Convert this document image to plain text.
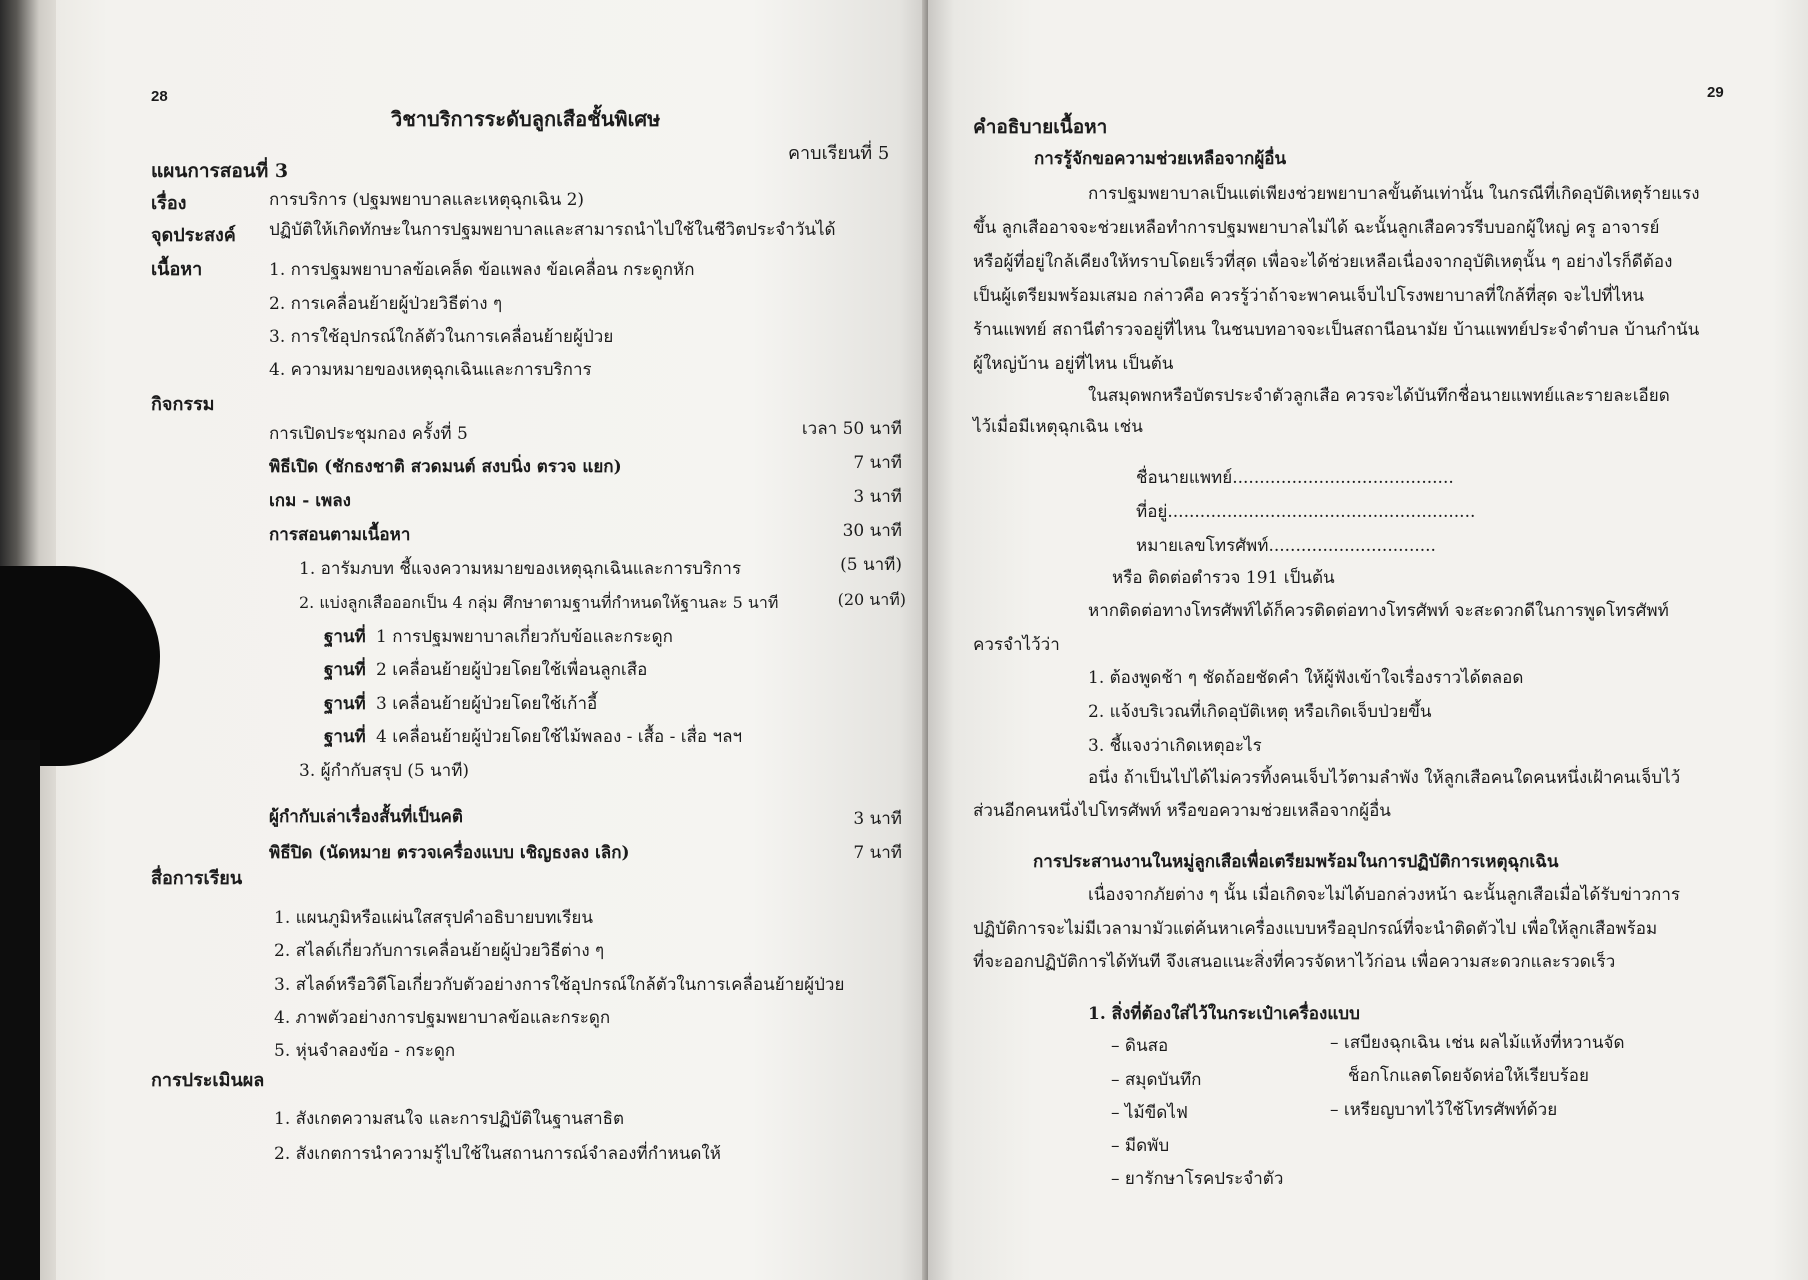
28
วิชาบริการระดับลูกเสือชั้นพิเศษ
แผนการสอนที่ 3
คาบเรียนที่ 5
เรื่อง	การบริการ (ปฐมพยาบาลและเหตุฉุกเฉิน 2)
จุดประสงค์ ปฏิบัติให้เกิดทักษะในการปฐมพยาบาลและสามารถนำไปใช้ในชีวิตประจำวันได้
เนื้อหา	1. การปฐมพยาบาลข้อเคล็ด ข้อแพลง ข้อเคลื่อน กระดูกหัก
2. การเคลื่อนย้ายผู้ป่วยวิธีต่าง ๆ
3. การใช้อุปกรณ์ใกล้ตัวในการเคลื่อนย้ายผู้ป่วย
4. ความหมายของเหตุฉุกเฉินและการบริการ
กิจกรรม
การเปิดประชุมกอง ครั้งที่ 5	เวลา 50 นาที
พิธีเปิด (ชักธงชาติ สวดมนต์ สงบนิ่ง ตรวจ แยก)	7 นาที
เกม - เพลง	3 นาที
การสอนตามเนื้อหา	30 นาที
1. อารัมภบท ชี้แจงความหมายของเหตุฉุกเฉินและการบริการ	(5 นาที)
2. แบ่งลูกเสือออกเป็น 4 กลุ่ม ศึกษาตามฐานที่กำหนดให้ฐานละ 5 นาที	(20 นาที)
ฐานที่ 1 การปฐมพยาบาลเกี่ยวกับข้อและกระดูก
ฐานที่ 2 เคลื่อนย้ายผู้ป่วยโดยใช้เพื่อนลูกเสือ
ฐานที่ 3 เคลื่อนย้ายผู้ป่วยโดยใช้เก้าอี้
ฐานที่ 4 เคลื่อนย้ายผู้ป่วยโดยใช้ไม้พลอง - เสื้อ - เสื่อ ฯลฯ
3. ผู้กำกับสรุป (5 นาที)
ผู้กำกับเล่าเรื่องสั้นที่เป็นคติ	3 นาที
พิธีปิด (นัดหมาย ตรวจเครื่องแบบ เชิญธงลง เลิก)	7 นาที
สื่อการเรียน
1. แผนภูมิหรือแผ่นใสสรุปคำอธิบายบทเรียน
2. สไลด์เกี่ยวกับการเคลื่อนย้ายผู้ป่วยวิธีต่าง ๆ
3. สไลด์หรือวิดีโอเกี่ยวกับตัวอย่างการใช้อุปกรณ์ใกล้ตัวในการเคลื่อนย้ายผู้ป่วย
4. ภาพตัวอย่างการปฐมพยาบาลข้อและกระดูก
5. หุ่นจำลองข้อ - กระดูก
การประเมินผล
1. สังเกตความสนใจ และการปฏิบัติในฐานสาธิต
2. สังเกตการนำความรู้ไปใช้ในสถานการณ์จำลองที่กำหนดให้
29
คำอธิบายเนื้อหา
การรู้จักขอความช่วยเหลือจากผู้อื่น
การปฐมพยาบาลเป็นแต่เพียงช่วยพยาบาลขั้นต้นเท่านั้น ในกรณีที่เกิดอุบัติเหตุร้ายแรง
ขึ้น ลูกเสืออาจจะช่วยเหลือทำการปฐมพยาบาลไม่ได้ ฉะนั้นลูกเสือควรรีบบอกผู้ใหญ่ ครู อาจารย์
หรือผู้ที่อยู่ใกล้เคียงให้ทราบโดยเร็วที่สุด เพื่อจะได้ช่วยเหลือเนื่องจากอุบัติเหตุนั้น ๆ อย่างไรก็ดีต้อง
เป็นผู้เตรียมพร้อมเสมอ กล่าวคือ ควรรู้ว่าถ้าจะพาคนเจ็บไปโรงพยาบาลที่ใกล้ที่สุด จะไปที่ไหน
ร้านแพทย์ สถานีตำรวจอยู่ที่ไหน ในชนบทอาจจะเป็นสถานีอนามัย บ้านแพทย์ประจำตำบล บ้านกำนัน
ผู้ใหญ่บ้าน อยู่ที่ไหน เป็นต้น
ในสมุดพกหรือบัตรประจำตัวลูกเสือ ควรจะได้บันทึกชื่อนายแพทย์และรายละเอียด
ไว้เมื่อมีเหตุฉุกเฉิน เช่น
ชื่อนายแพทย์.........................................
ที่อยู่.........................................................
หมายเลขโทรศัพท์...............................
หรือ ติดต่อตำรวจ 191 เป็นต้น
หากติดต่อทางโทรศัพท์ได้ก็ควรติดต่อทางโทรศัพท์ จะสะดวกดีในการพูดโทรศัพท์
ควรจำไว้ว่า
1. ต้องพูดช้า ๆ ชัดถ้อยชัดคำ ให้ผู้ฟังเข้าใจเรื่องราวได้ตลอด
2. แจ้งบริเวณที่เกิดอุบัติเหตุ หรือเกิดเจ็บป่วยขึ้น
3. ชี้แจงว่าเกิดเหตุอะไร
อนึ่ง ถ้าเป็นไปได้ไม่ควรทิ้งคนเจ็บไว้ตามลำพัง ให้ลูกเสือคนใดคนหนึ่งเฝ้าคนเจ็บไว้
ส่วนอีกคนหนึ่งไปโทรศัพท์ หรือขอความช่วยเหลือจากผู้อื่น
การประสานงานในหมู่ลูกเสือเพื่อเตรียมพร้อมในการปฏิบัติการเหตุฉุกเฉิน
เนื่องจากภัยต่าง ๆ นั้น เมื่อเกิดจะไม่ได้บอกล่วงหน้า ฉะนั้นลูกเสือเมื่อได้รับข่าวการ
ปฏิบัติการจะไม่มีเวลามามัวแต่ค้นหาเครื่องแบบหรืออุปกรณ์ที่จะนำติดตัวไป เพื่อให้ลูกเสือพร้อม
ที่จะออกปฏิบัติการได้ทันที จึงเสนอแนะสิ่งที่ควรจัดหาไว้ก่อน เพื่อความสะดวกและรวดเร็ว
1. สิ่งที่ต้องใส่ไว้ในกระเป๋าเครื่องแบบ
– ดินสอ
– สมุดบันทึก
– ไม้ขีดไฟ
– มีดพับ
– ยารักษาโรคประจำตัว
– เสบียงฉุกเฉิน เช่น ผลไม้แห้งที่หวานจัด
ช็อกโกแลตโดยจัดห่อให้เรียบร้อย
– เหรียญบาทไว้ใช้โทรศัพท์ด้วย
